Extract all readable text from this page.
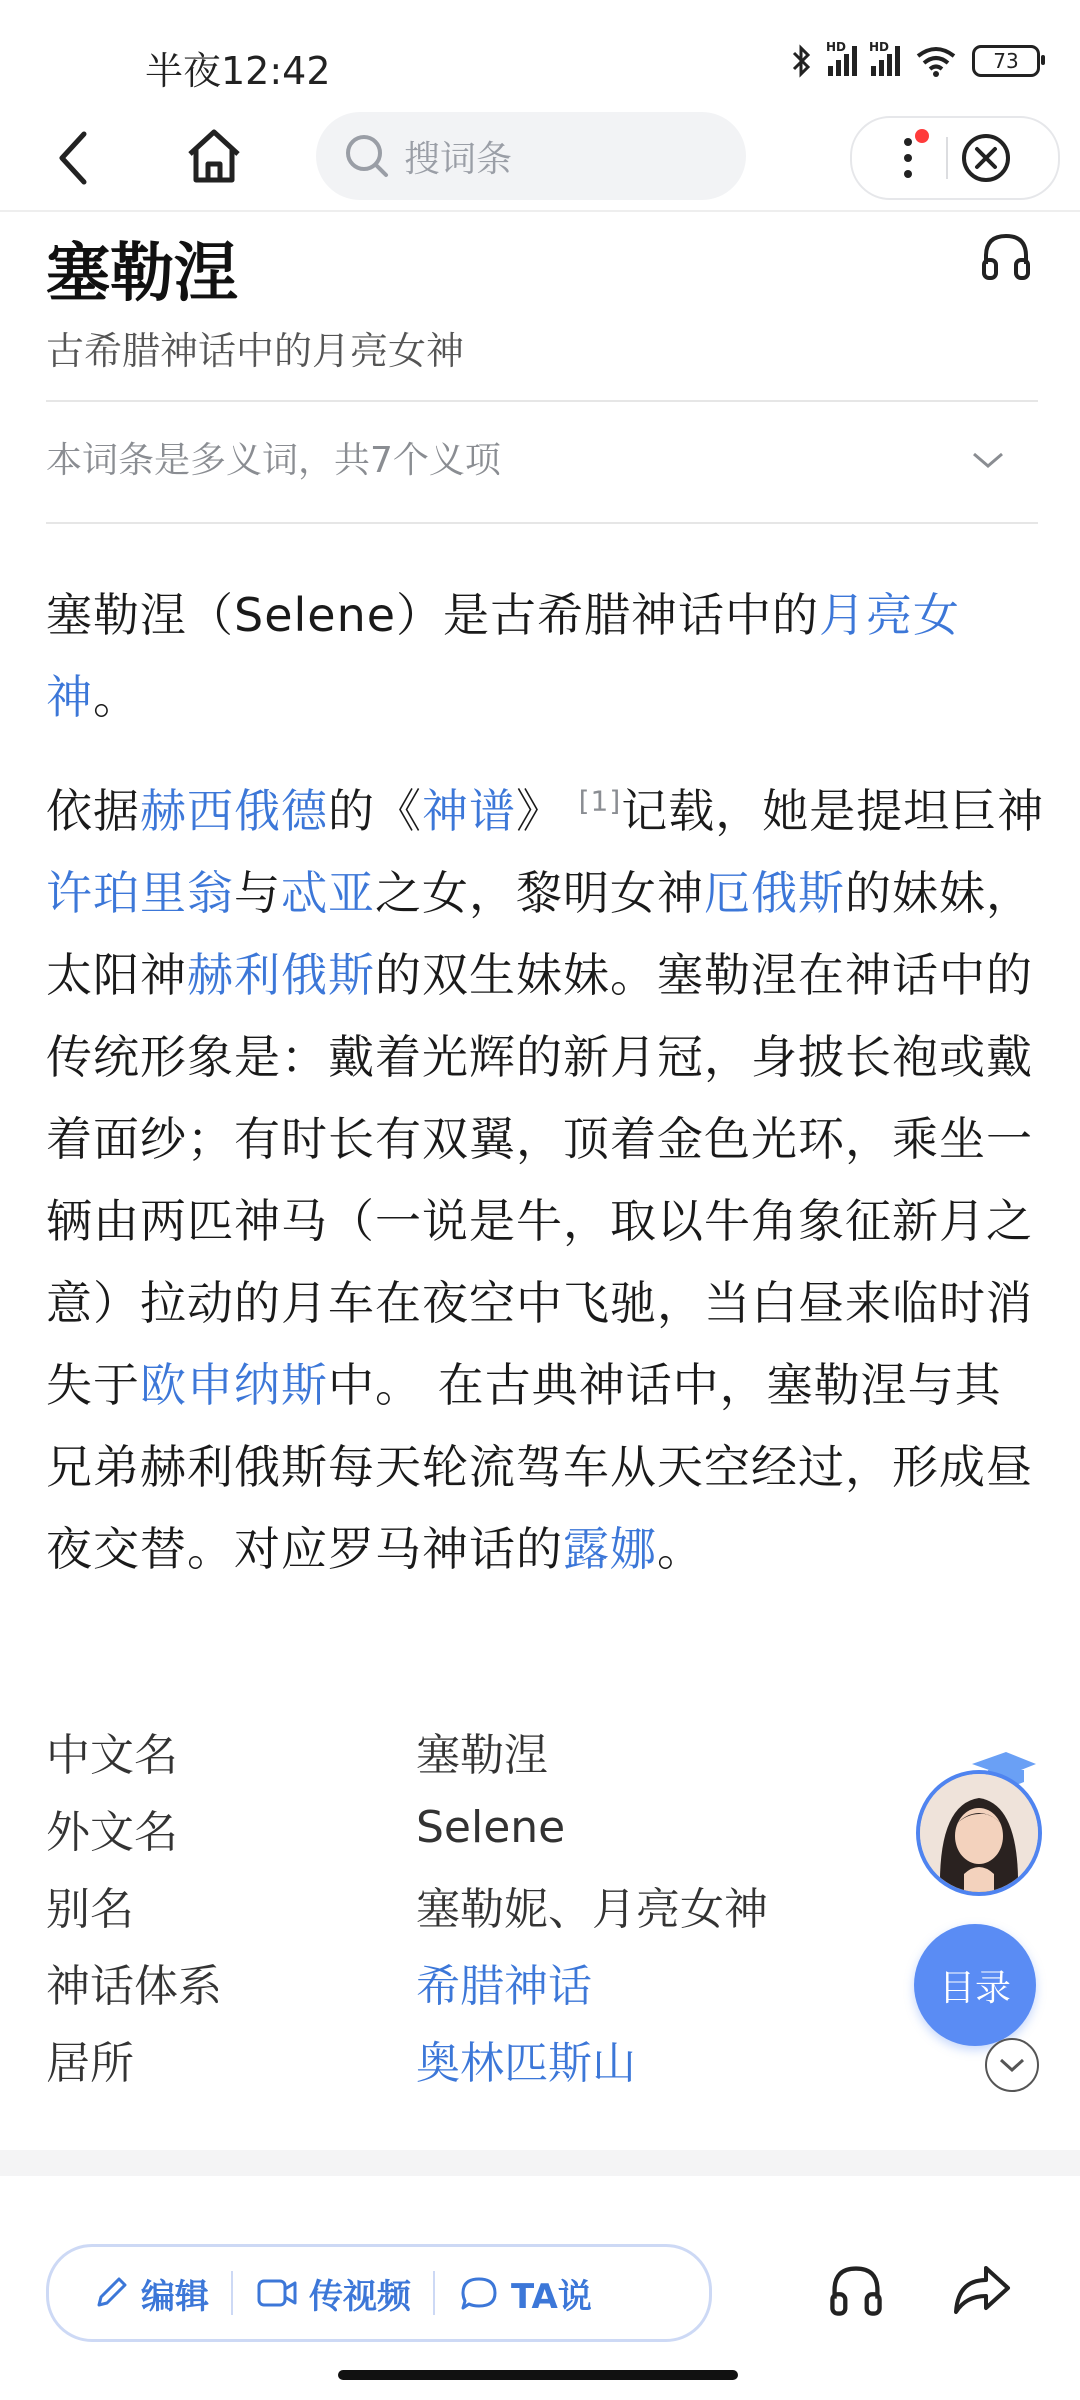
半夜12:42
HD HD
73
搜词条
塞勒涅
古希腊神话中的月亮女神
本词条是多义词，共7个义项
塞勒涅（Selene）是古希腊神话中的月亮女神。
依据赫西俄德的《神谱》 [1]记载，她是提坦巨神许珀里翁与忒亚之女，黎明女神厄俄斯的妹妹，太阳神赫利俄斯的双生妹妹。塞勒涅在神话中的传统形象是：戴着光辉的新月冠，身披长袍或戴着面纱；有时长有双翼，顶着金色光环，乘坐一辆由两匹神马（一说是牛，取以牛角象征新月之意）拉动的月车在夜空中飞驰，当白昼来临时消失于欧申纳斯中。 在古典神话中，塞勒涅与其兄弟赫利俄斯每天轮流驾车从天空经过，形成昼夜交替。对应罗马神话的露娜。
中文名	塞勒涅
外文名	Selene
别名	塞勒妮、月亮女神
神话体系	希腊神话
居所	奥林匹斯山
目录
编辑	传视频	TA说
